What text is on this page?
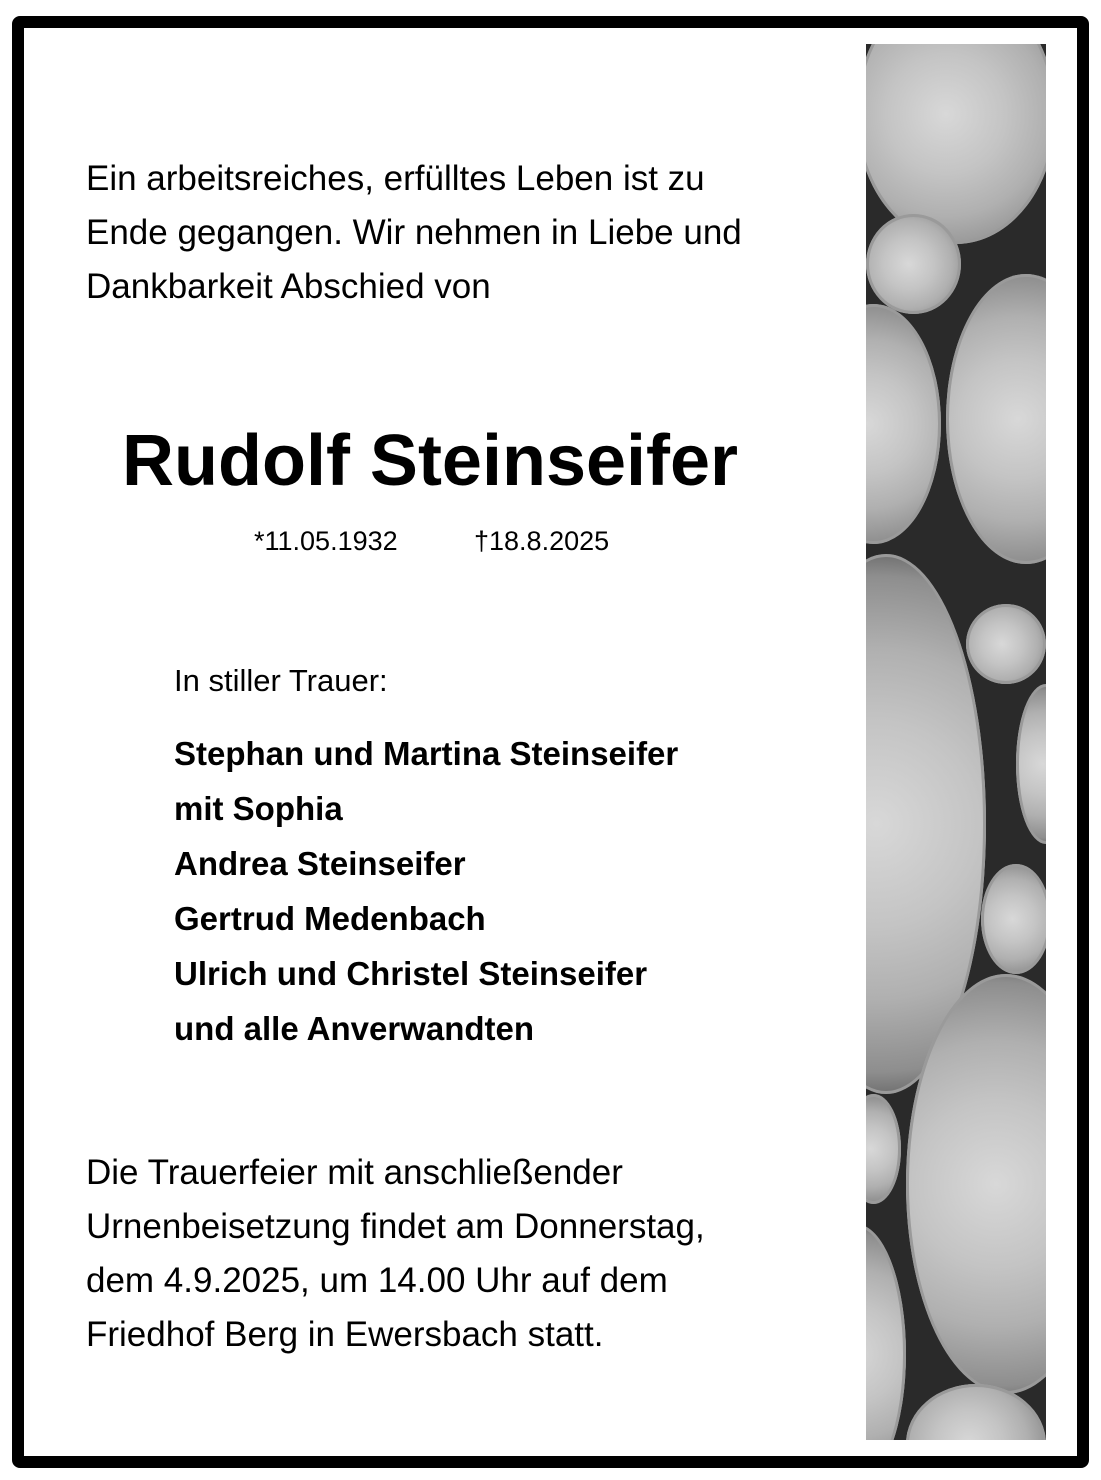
Ein arbeitsreiches, erfülltes Leben ist zu
Ende gegangen. Wir nehmen in Liebe und
Dankbarkeit Abschied von
Rudolf Steinseifer
*11.05.1932	†18.8.2025
In stiller Trauer:
Stephan und Martina Steinseifer
mit Sophia
Andrea Steinseifer
Gertrud Medenbach
Ulrich und Christel Steinseifer
und alle Anverwandten
Die Trauerfeier mit anschließender
Urnenbeisetzung findet am Donnerstag,
dem 4.9.2025, um 14.00 Uhr auf dem
Friedhof Berg in Ewersbach statt.
